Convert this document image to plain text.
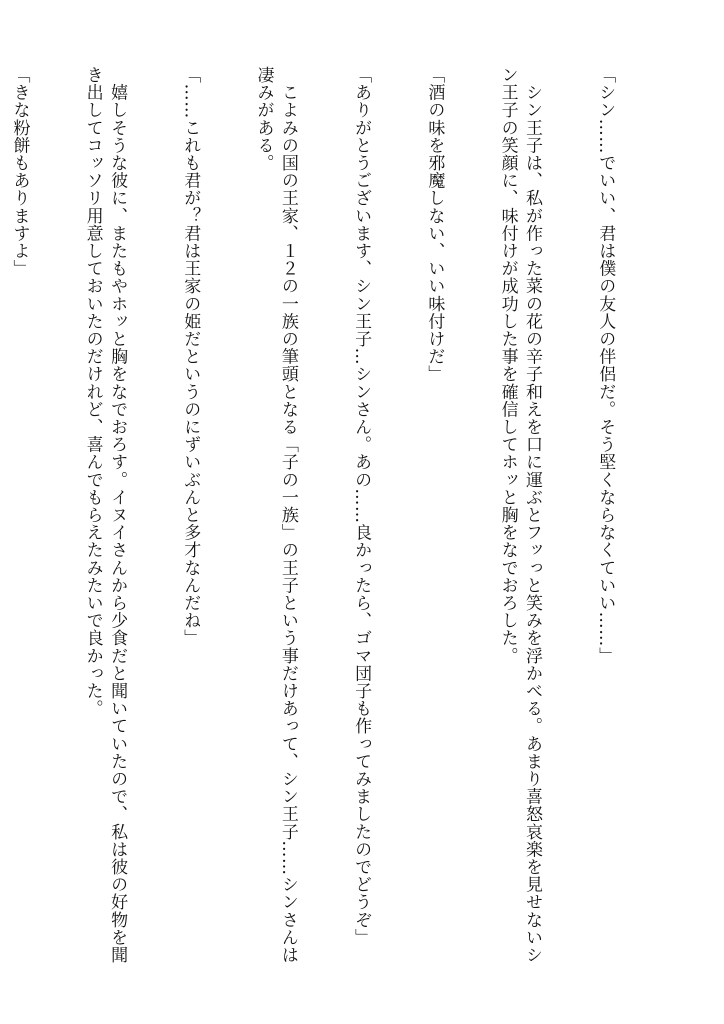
「シン……でいい、君は僕の友人の伴侶だ。そう堅くならなくていい……」

　シン王子は、私が作った菜の花の辛子和えを口に運ぶとフッっと笑みを浮かべる。あまり喜怒哀楽を見せないシン王子の笑顔に、味付けが成功した事を確信してホッと胸をなでおろした。

「酒の味を邪魔しない、いい味付けだ」

「ありがとうございます、シン王子…シンさん。あの……良かったら、ゴマ団子も作ってみましたのでどうぞ」

　こよみの国の王家、１２の一族の筆頭となる「子の一族」の王子という事だけあって、シン王子……シンさんは凄みがある。

「……これも君が？君は王家の姫だというのにずいぶんと多才なんだね」

　嬉しそうな彼に、またもやホッと胸をなでおろす。イヌイさんから少食だと聞いていたので、私は彼の好物を聞き出してコッソリ用意しておいたのだけれど、喜んでもらえたみたいで良かった。

「きな粉餅もありますよ」
